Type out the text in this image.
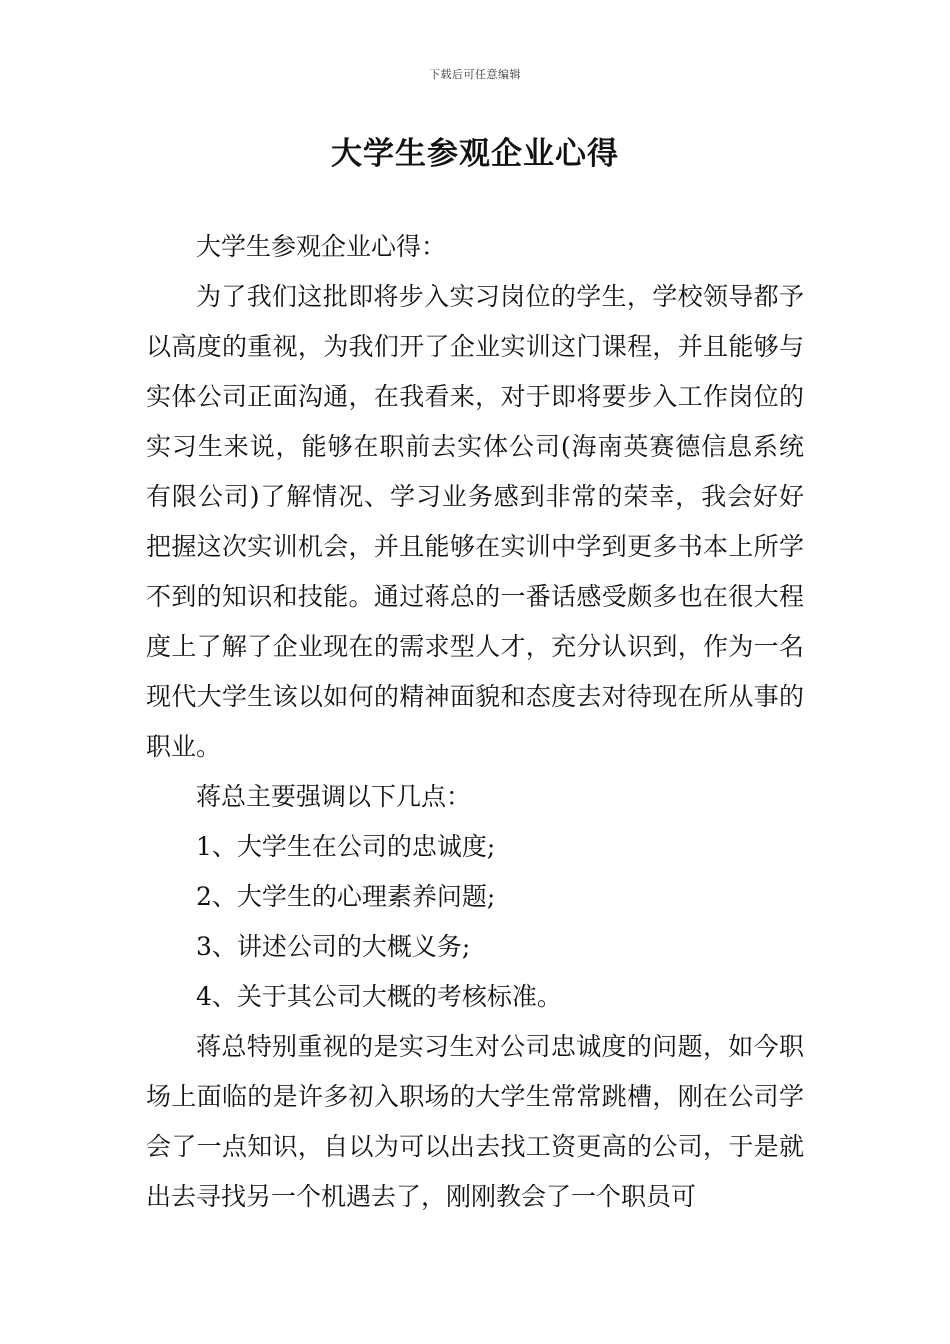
下载后可任意编辑
大学生参观企业心得

大学生参观企业心得：

为了我们这批即将步入实习岗位的学生，学校领导都予以高度的重视，为我们开了企业实训这门课程，并且能够与实体公司正面沟通，在我看来，对于即将要步入工作岗位的实习生来说，能够在职前去实体公司(海南英赛德信息系统有限公司)了解情况、学习业务感到非常的荣幸，我会好好把握这次实训机会，并且能够在实训中学到更多书本上所学不到的知识和技能。通过蒋总的一番话感受颇多也在很大程度上了解了企业现在的需求型人才，充分认识到，作为一名现代大学生该以如何的精神面貌和态度去对待现在所从事的职业。

蒋总主要强调以下几点：

1、大学生在公司的忠诚度;

2、大学生的心理素养问题;

3、讲述公司的大概义务;

4、关于其公司大概的考核标准。

蒋总特别重视的是实习生对公司忠诚度的问题，如今职场上面临的是许多初入职场的大学生常常跳槽，刚在公司学会了一点知识，自以为可以出去找工资更高的公司，于是就出去寻找另一个机遇去了，刚刚教会了一个职员可
